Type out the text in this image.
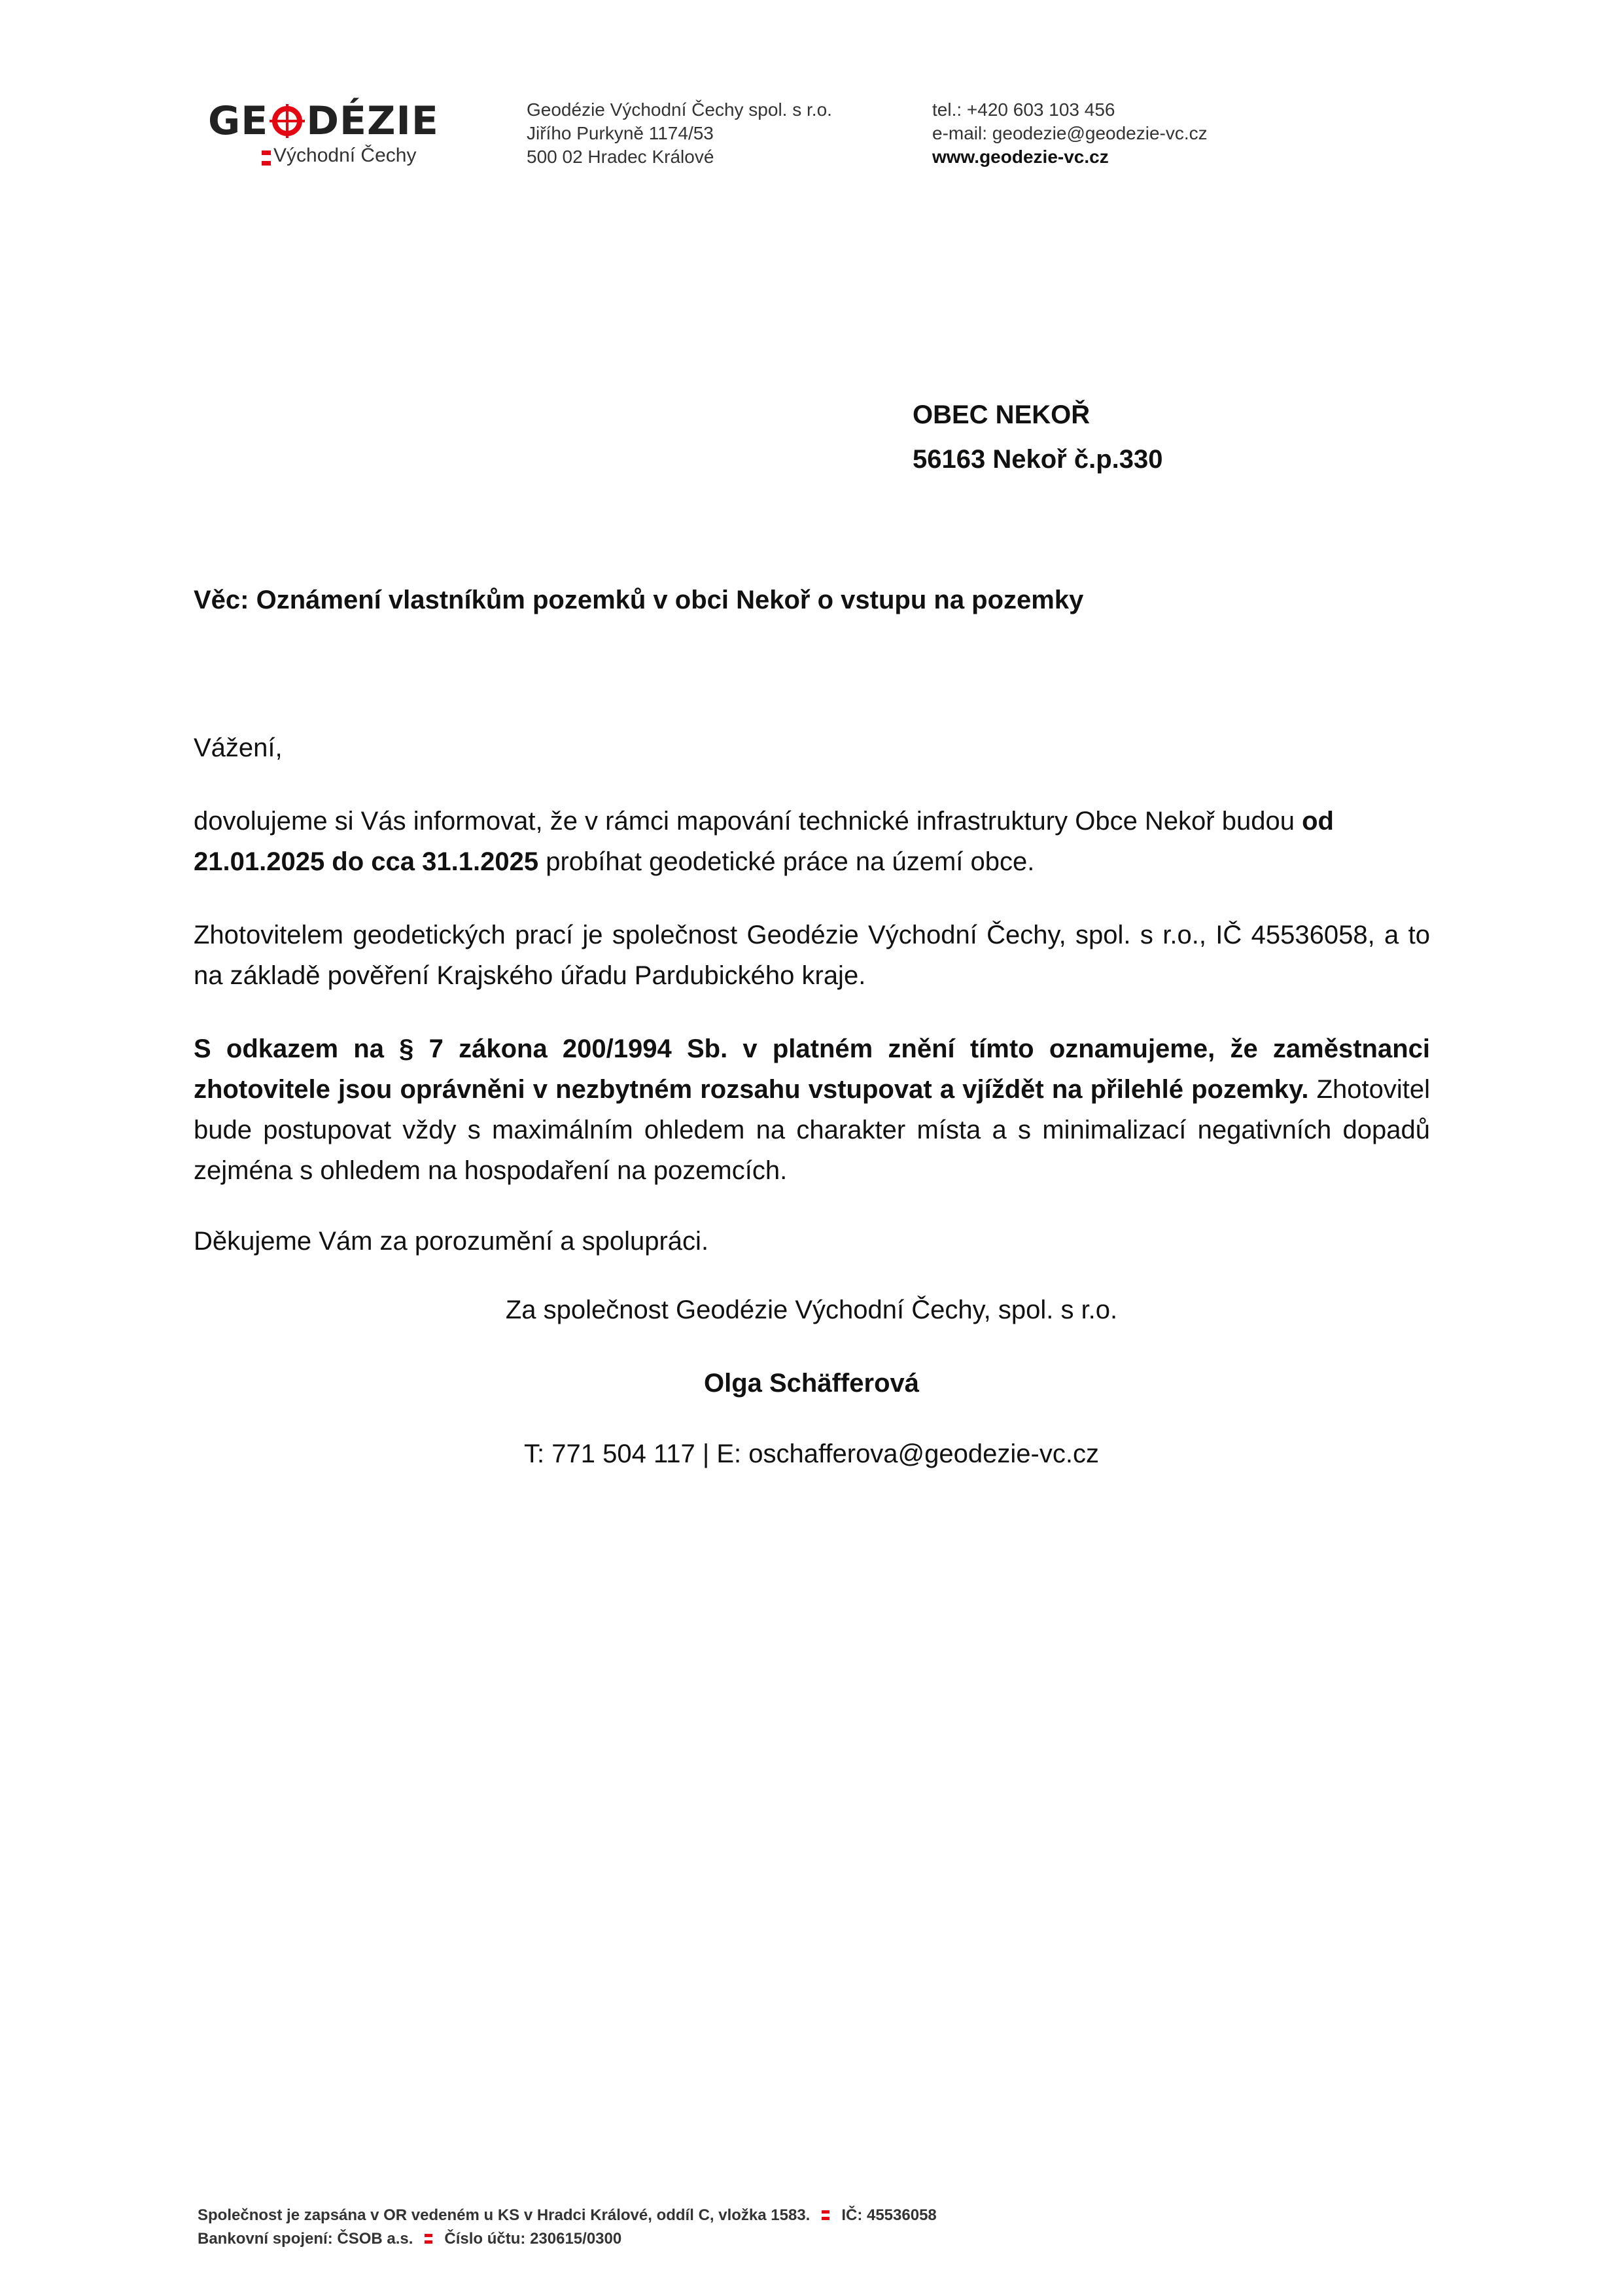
GE DÉZIE
Východní Čechy
Geodézie Východní Čechy spol. s r.o.
Jiřího Purkyně 1174/53
500 02 Hradec Králové
tel.: +420 603 103 456
e-mail: geodezie@geodezie-vc.cz
www.geodezie-vc.cz
OBEC NEKOŘ
56163 Nekoř č.p.330
Věc: Oznámení vlastníkům pozemků v obci Nekoř o vstupu na pozemky
Vážení,
dovolujeme si Vás informovat, že v rámci mapování technické infrastruktury Obce Nekoř budou od 21.01.2025 do cca 31.1.2025 probíhat geodetické práce na území obce.
Zhotovitelem geodetických prací je společnost Geodézie Východní Čechy, spol. s r.o., IČ 45536058, a to na základě pověření Krajského úřadu Pardubického kraje.
S odkazem na § 7 zákona 200/1994 Sb. v platném znění tímto oznamujeme, že zaměstnanci zhotovitele jsou oprávněni v nezbytném rozsahu vstupovat a vjíždět na přilehlé pozemky. Zhotovitel bude postupovat vždy s maximálním ohledem na charakter místa a s minimalizací negativních dopadů zejména s ohledem na hospodaření na pozemcích.
Děkujeme Vám za porozumění a spolupráci.
Za společnost Geodézie Východní Čechy, spol. s r.o.
Olga Schäfferová
T: 771 504 117 | E: oschafferova@geodezie-vc.cz
Společnost je zapsána v OR vedeném u KS v Hradci Králové, oddíl C, vložka 1583. IČ: 45536058
Bankovní spojení: ČSOB a.s. Číslo účtu: 230615/0300
